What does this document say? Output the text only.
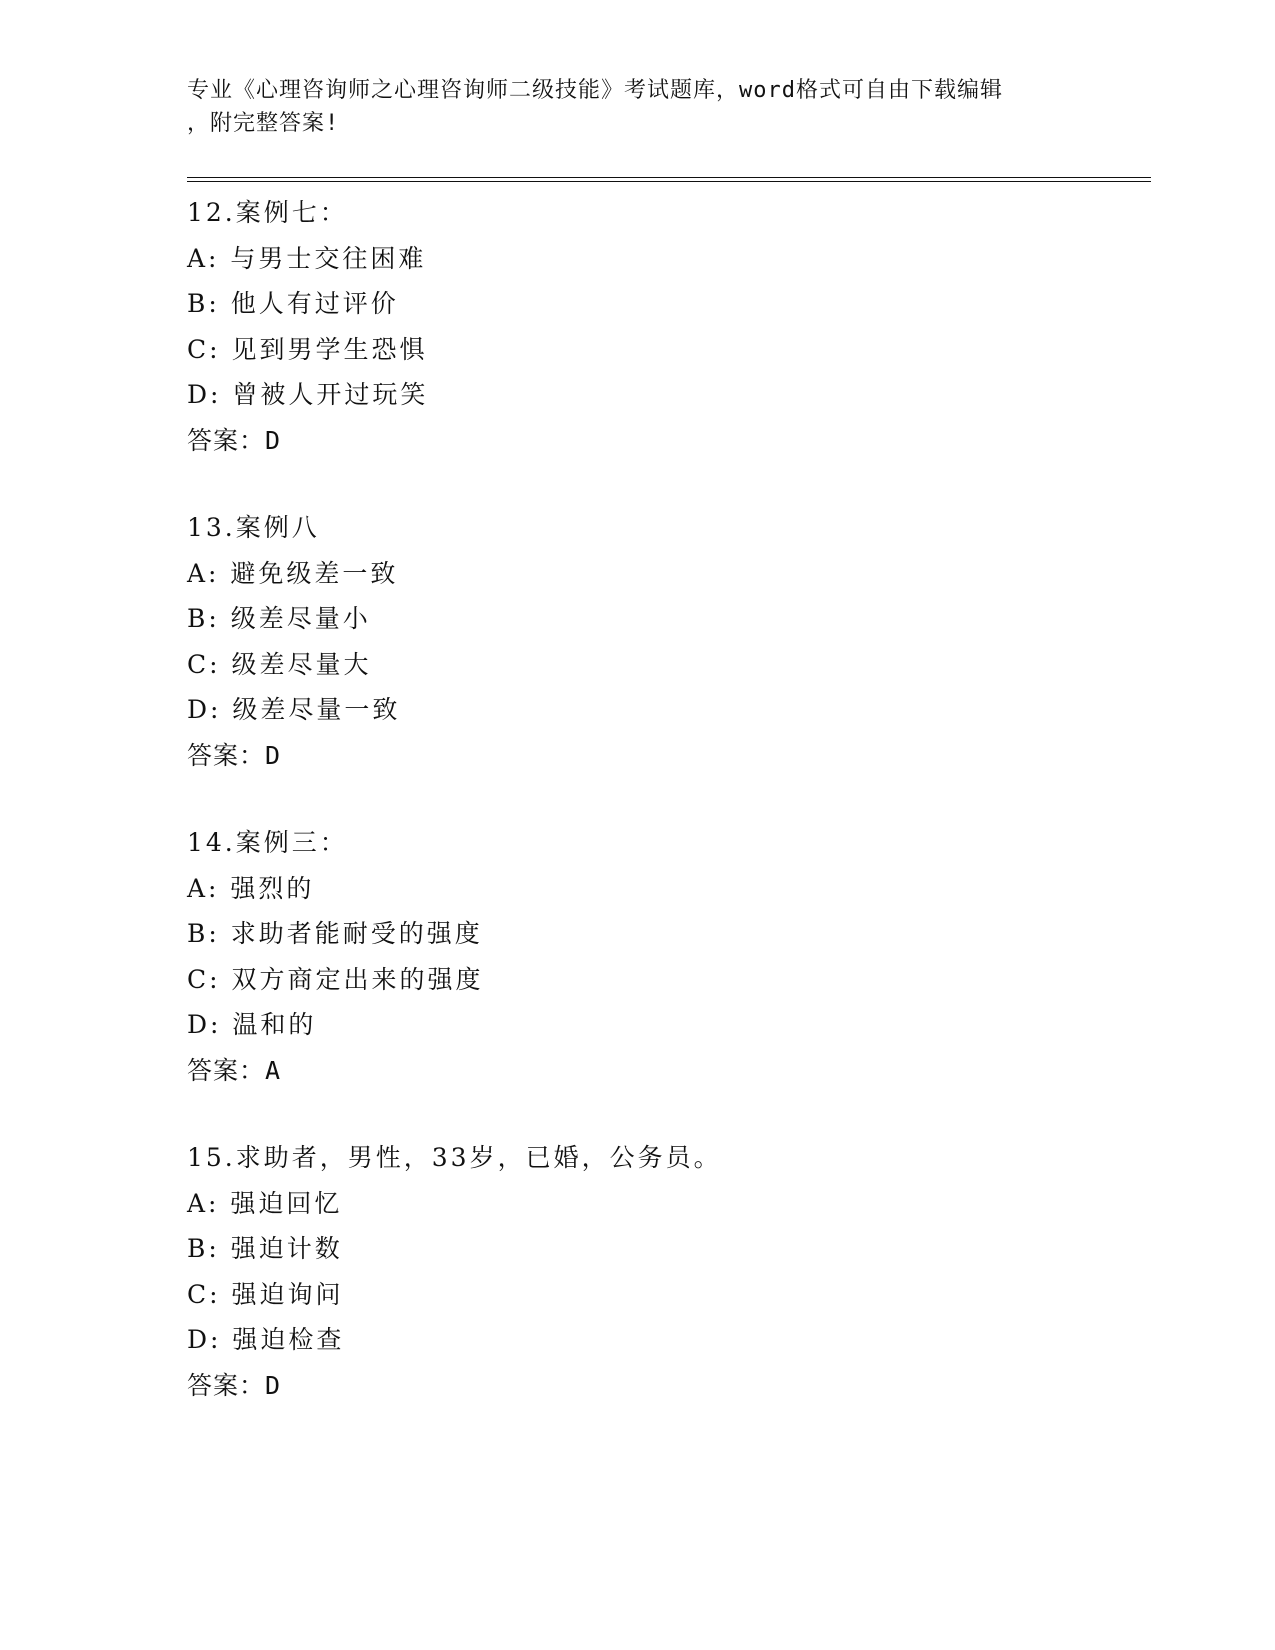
专业《心理咨询师之心理咨询师二级技能》考试题库，word格式可自由下载编辑
，附完整答案!
12.案例七：
A: 与男士交往困难
B: 他人有过评价
C: 见到男学生恐惧
D: 曾被人开过玩笑
答案：D
13.案例八
A: 避免级差一致
B: 级差尽量小
C: 级差尽量大
D: 级差尽量一致
答案：D
14.案例三：
A: 强烈的
B: 求助者能耐受的强度
C: 双方商定出来的强度
D: 温和的
答案：A
15.求助者，男性，33岁，已婚，公务员。
A: 强迫回忆
B: 强迫计数
C: 强迫询问
D: 强迫检查
答案：D
